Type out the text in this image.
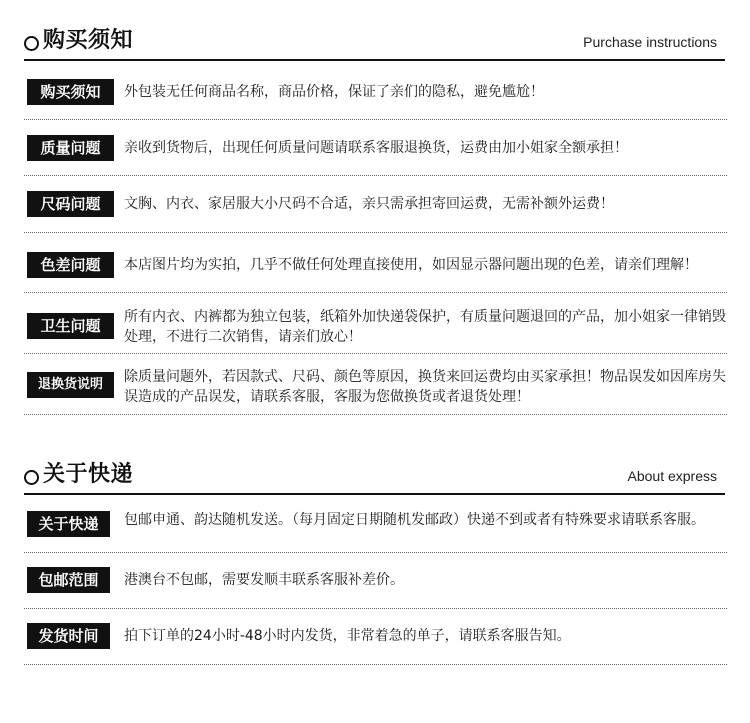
购买须知	Purchase instructions
购买须知	外包装无任何商品名称，商品价格，保证了亲们的隐私，避免尴尬！
质量问题	亲收到货物后，出现任何质量问题请联系客服退换货，运费由加小姐家全额承担！
尺码问题	文胸、内衣、家居服大小尺码不合适，亲只需承担寄回运费，无需补额外运费！
色差问题	本店图片均为实拍，几乎不做任何处理直接使用，如因显示器问题出现的色差，请亲们理解！
卫生问题	所有内衣、内裤都为独立包装，纸箱外加快递袋保护，有质量问题退回的产品，加小姐家一律销毁处理，不进行二次销售，请亲们放心！
退换货说明	除质量问题外，若因款式、尺码、颜色等原因，换货来回运费均由买家承担！物品误发如因库房失误造成的产品误发，请联系客服，客服为您做换货或者退货处理！
关于快递	About express
关于快递	包邮申通、韵达随机发送。（每月固定日期随机发邮政）快递不到或者有特殊要求请联系客服。
包邮范围	港澳台不包邮，需要发顺丰联系客服补差价。
发货时间	拍下订单的24小时-48小时内发货，非常着急的单子，请联系客服告知。
